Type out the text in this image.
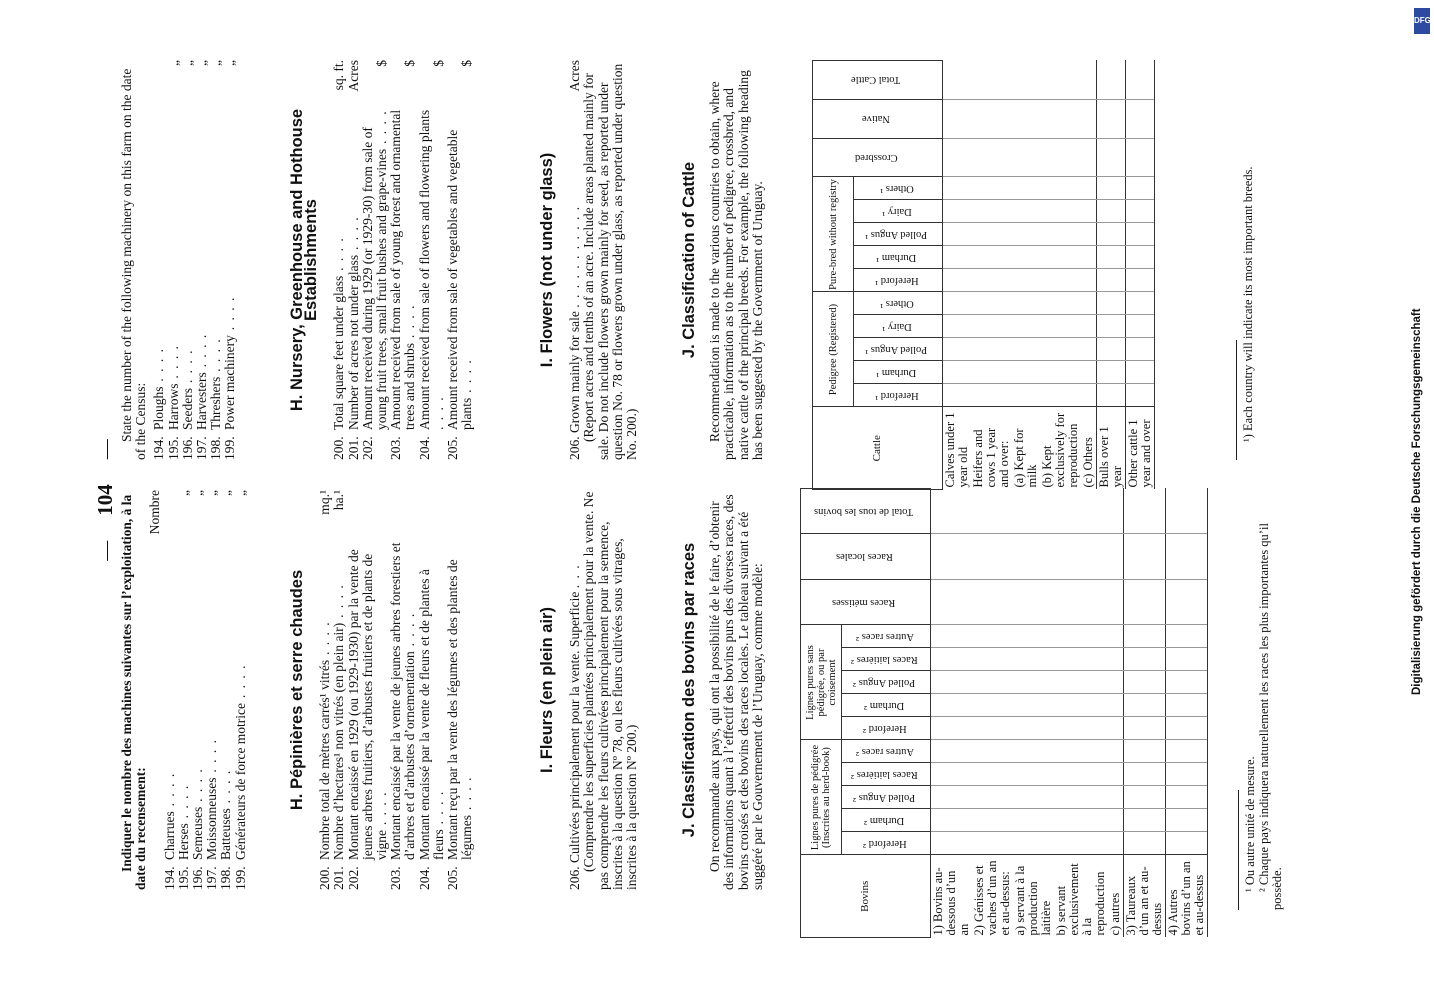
—     104     —
Indiquer le nombre des machines suivantes sur l’exploitation, à la date du recensement:
Nombre
194.
Charrues . . . .
195.
Herses . . . .
„
196.
Semeuses . . . .
„
197.
Moissonneuses . . . .
„
198.
Batteuses . . . .
„
199.
Générateurs de force motrice . . . .
„
H. Pépinières et serre chaudes
200.
Nombre total de mètres carrés¹ vitrés . . . .
mq.¹
201.
Nombre d’hectares¹ non vitrés (en plein air) . . . .
ha.¹
202.
Montant encaissé en 1929 (ou 1929-1930) par la vente de jeunes arbres fruitiers, d’arbustes fruitiers et de plants de vigne . . . .
203.
Montant encaissé par la vente de jeunes arbres forestiers et d’arbres et d’arbustes d’ornementation . . . .
204.
Montant encaissé par la vente de fleurs et de plantes à fleurs . . . .
205.
Montant reçu par la vente des légumes et des plantes de légumes . . . .
I. Fleurs (en plein air)
206. Cultivées principalement pour la vente. Superficie . . . (Comprendre les superficies plantées principalement pour la vente. Ne pas comprendre les fleurs cultivées principalement pour la semence, inscrites à la question Nº 78, ou les fleurs cultivées sous vitrages, inscrites à la question Nº 200.) J. Classification des bovins par races On recommande aux pays, qui ont la possibilité de le faire, d’obtenir des informations quant à l’effectif des bovins purs des diverses races, des bovins croisés et des bovins des races locales. Le tableau suivant a été suggéré par le Gouvernement de l’Uruguay, comme modèle:
Bovins	Lignes pures de pédigrée (Inscrites au herd-book)					Lignes pures sans pédigrée, ou par croisement					Races métisses	Races locales	Total de tous les bovins
	Hereford ²	Durham ²	Polled Angus ²	Races laitières ²	Autres races ²	Hereford ²	Durham ²	Polled Angus ²	Races laitières ²	Autres races ²			
1) Bovins au-dessous d’un an													
2) Génisses et vaches d’un an et au-dessus:													
a) servant à la production laitière													
b) servant exclusivement à la reproduction													
c) autres													
3) Taureaux d’un an et au-dessus													
4) Autres bovins d’un an et au-dessus													
¹ Ou autre unité de mesure. ² Chaque pays indiquera naturellement les races les plus importantes qu’il possède.
State the number of the following machinery on this farm on the date of the Census: 194.
Ploughs . . . .
195.
Harrows . . . .
„
196.
Seeders . . . .
„
197.
Harvesters . . . .
„
198.
Threshers . . . .
„
199.
Power machinery . . . .
„
H. Nursery, Greenhouse and Hothouse Establishments
200.
Total square feet under glass . . . .
sq. ft.
201.
Number of acres not under glass . . . .
Acres
202.
Amount received during 1929 (or 1929-30) from sale of young fruit trees, small fruit bushes and grape-vines . . . .
$
203.
Amount received from sale of young forest and ornamental trees and shrubs . . . .
$
204.
Amount received from sale of flowers and flowering plants . . . .
$
205.
Amount received from sale of vegetables and vegetable plants . . . .
$
I. Flowers (not under glass)
206. Grown mainly for sale . . . . . . . . . . .
Acres (Report acres and tenths of an acre. Include areas planted mainly for sale. Do not include flowers grown mainly for seed, as reported under question No. 78 or flowers grown under glass, as reported under question No. 200.)
J. Classification of Cattle Recommendation is made to the various countries to obtain, where practicable, information as to the number of pedigree, crossbred, and native cattle of the principal breeds. For example, the following heading has been suggested by the Government of Uruguay.	Cattle	Pedigree (Registered)					Pure-bred without registry					Crossbred	Native	Total Cattle
	Hereford ¹	Durham ¹	Polled Angus ¹	Dairy ¹	Others ¹	Hereford ¹	Durham ¹	Polled Angus ¹	Dairy ¹	Others ¹			
Calves under 1 year old													
Heifers and cows 1 year and over:													
(a) Kept for milk													
(b) Kept exclusively for reproduction													
(c) Others													
Bulls over 1 year													
Other cattle 1 year and over													
¹) Each country will indicate its most important breeds.
DFG
Digitalisierung gefördert durch die Deutsche Forschungsgemeinschaft
